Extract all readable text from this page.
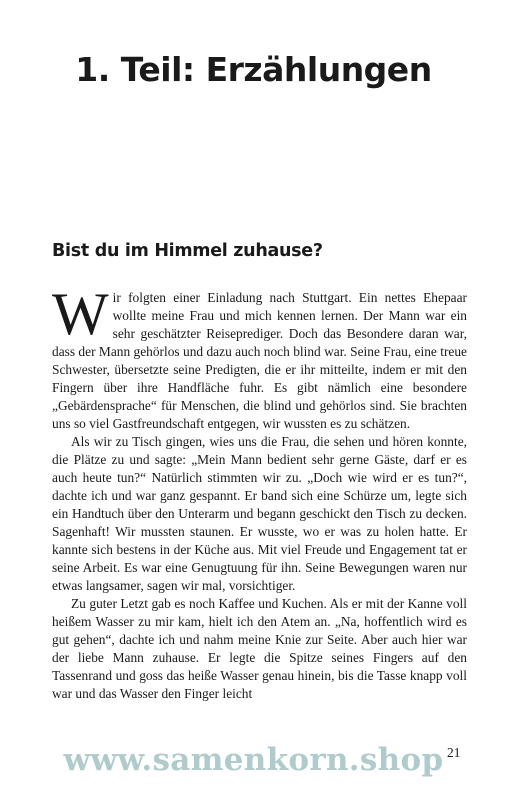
1. Teil: Erzählungen
Bist du im Himmel zuhause?

Wir folgten einer Einladung nach Stuttgart. Ein nettes Ehepaar wollte meine Frau und mich kennen lernen. Der Mann war ein sehr geschätzter Reiseprediger. Doch das Besondere daran war, dass der Mann gehörlos und dazu auch noch blind war. Seine Frau, eine treue Schwester, übersetzte seine Predigten, die er ihr mitteilte, indem er mit den Fingern über ihre Handfläche fuhr. Es gibt nämlich eine besondere „Gebärdensprache“ für Menschen, die blind und gehörlos sind. Sie brachten uns so viel Gastfreundschaft entgegen, wir wussten es zu schätzen.

Als wir zu Tisch gingen, wies uns die Frau, die sehen und hören konnte, die Plätze zu und sagte: „Mein Mann bedient sehr gerne Gäste, darf er es auch heute tun?“ Natürlich stimmten wir zu. „Doch wie wird er es tun?“, dachte ich und war ganz gespannt. Er band sich eine Schürze um, legte sich ein Handtuch über den Unterarm und begann geschickt den Tisch zu decken. Sagenhaft! Wir mussten staunen. Er wusste, wo er was zu holen hatte. Er kannte sich bestens in der Küche aus. Mit viel Freude und Engagement tat er seine Arbeit. Es war eine Genugtuung für ihn. Seine Bewegungen waren nur etwas langsamer, sagen wir mal, vorsichtiger.

Zu guter Letzt gab es noch Kaffee und Kuchen. Als er mit der Kanne voll heißem Wasser zu mir kam, hielt ich den Atem an. „Na, hoffentlich wird es gut gehen“, dachte ich und nahm meine Knie zur Seite. Aber auch hier war der liebe Mann zuhause. Er legte die Spitze seines Fingers auf den Tassenrand und goss das heiße Wasser genau hinein, bis die Tasse knapp voll war und das Wasser den Finger leicht

21
www.samenkorn.shop
